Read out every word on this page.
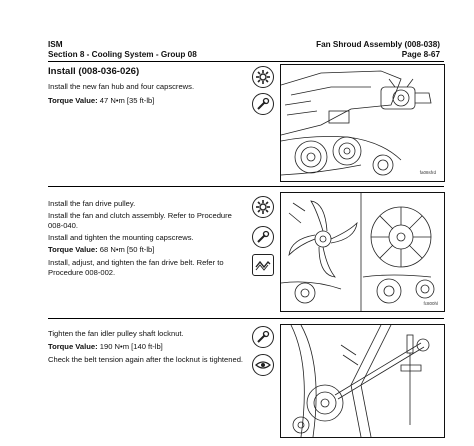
ISM
Section 8 - Cooling System - Group 08
Fan Shroud Assembly (008-038)
Page 8-67
Install (008-036-026)
Install the new fan hub and four capscrews.
Torque Value: 47 N•m [35 ft-lb]
fa08sfrd
Install the fan drive pulley.
Install the fan and clutch assembly. Refer to Procedure 008-040.
Install and tighten the mounting capscrews.
Torque Value: 68 N•m [50 ft-lb]
Install, adjust, and tighten the fan drive belt. Refer to Procedure 008-002.
fc800hl
Tighten the fan idler pulley shaft locknut.
Torque Value: 190 N•m [140 ft-lb]
Check the belt tension again after the locknut is tightened.
